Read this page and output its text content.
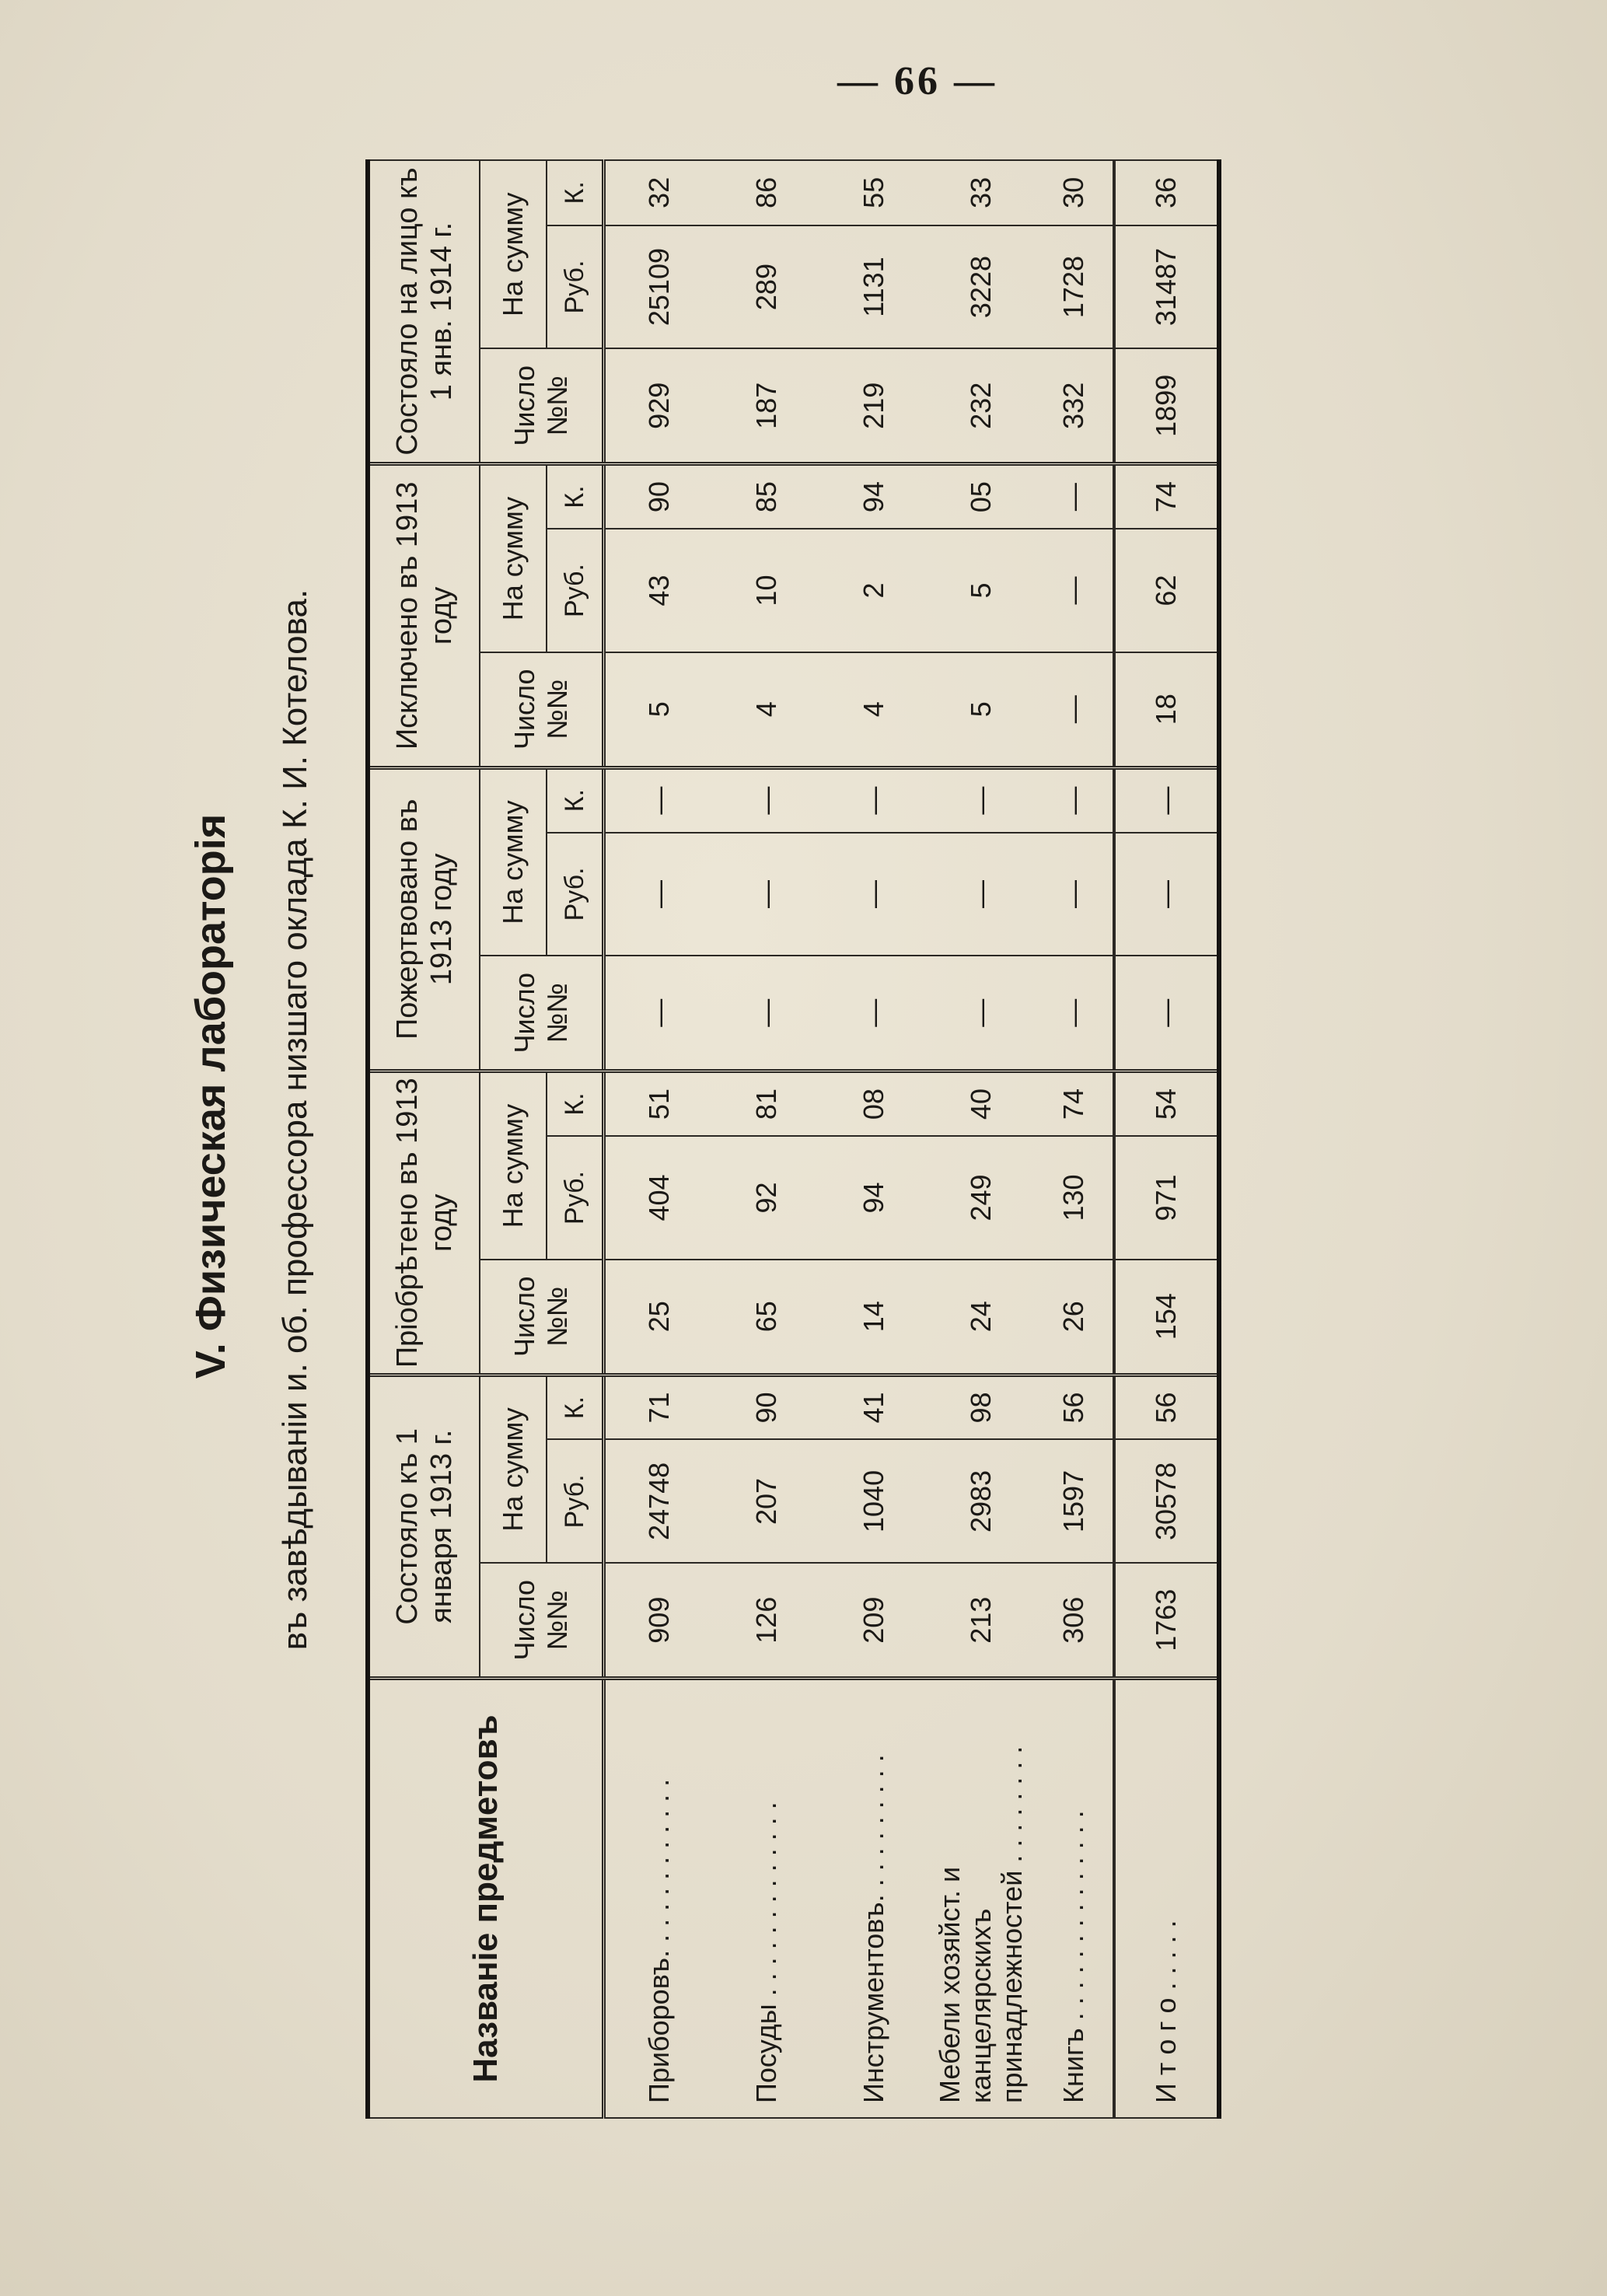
— 66 —
V. Физическая лабораторія въ завѣдываніи и. об. профессора низшаго оклада К. И. Котелова.
Названіе предметовъ	Состояло къ 1 января 1913 г.			Пріобрѣтено въ 1913 году			Пожертвовано въ 1913 году			Исключено въ 1913 году			Состояло на лицо къ 1 янв. 1914 г.		
	Число №№	На сумму		Число №№	На сумму		Число №№	На сумму		Число №№	На сумму		Число №№	На сумму	
		Руб.	К.		Руб.	К.		Руб.	К.		Руб.	К.		Руб.	К.
Приборовъ. . . . . . . . . . . .	909	24748	71	25	404	51	—	—	—	5	43	90	929	25109	32
Посуды . . . . . . . . . . . . .	126	207	90	65	92	81	—	—	—	4	10	85	187	289	86
Инструментовъ. . . . . . . . . .	209	1040	41	14	94	08	—	—	—	4	2	94	219	1131	55
Мебели хозяйст. и канцелярскихъ принадлежностей . . . . . . . .	213	2983	98	24	249	40	—	—	—	5	5	05	232	3228	33
Книгъ . . . . . . . . . . . . . .	306	1597	56	26	130	74	—	—	—	—	—	—	332	1728	30
И т о г о . . . . .	1763	30578	56	154	971	54	—	—	—	18	62	74	1899	31487	36
